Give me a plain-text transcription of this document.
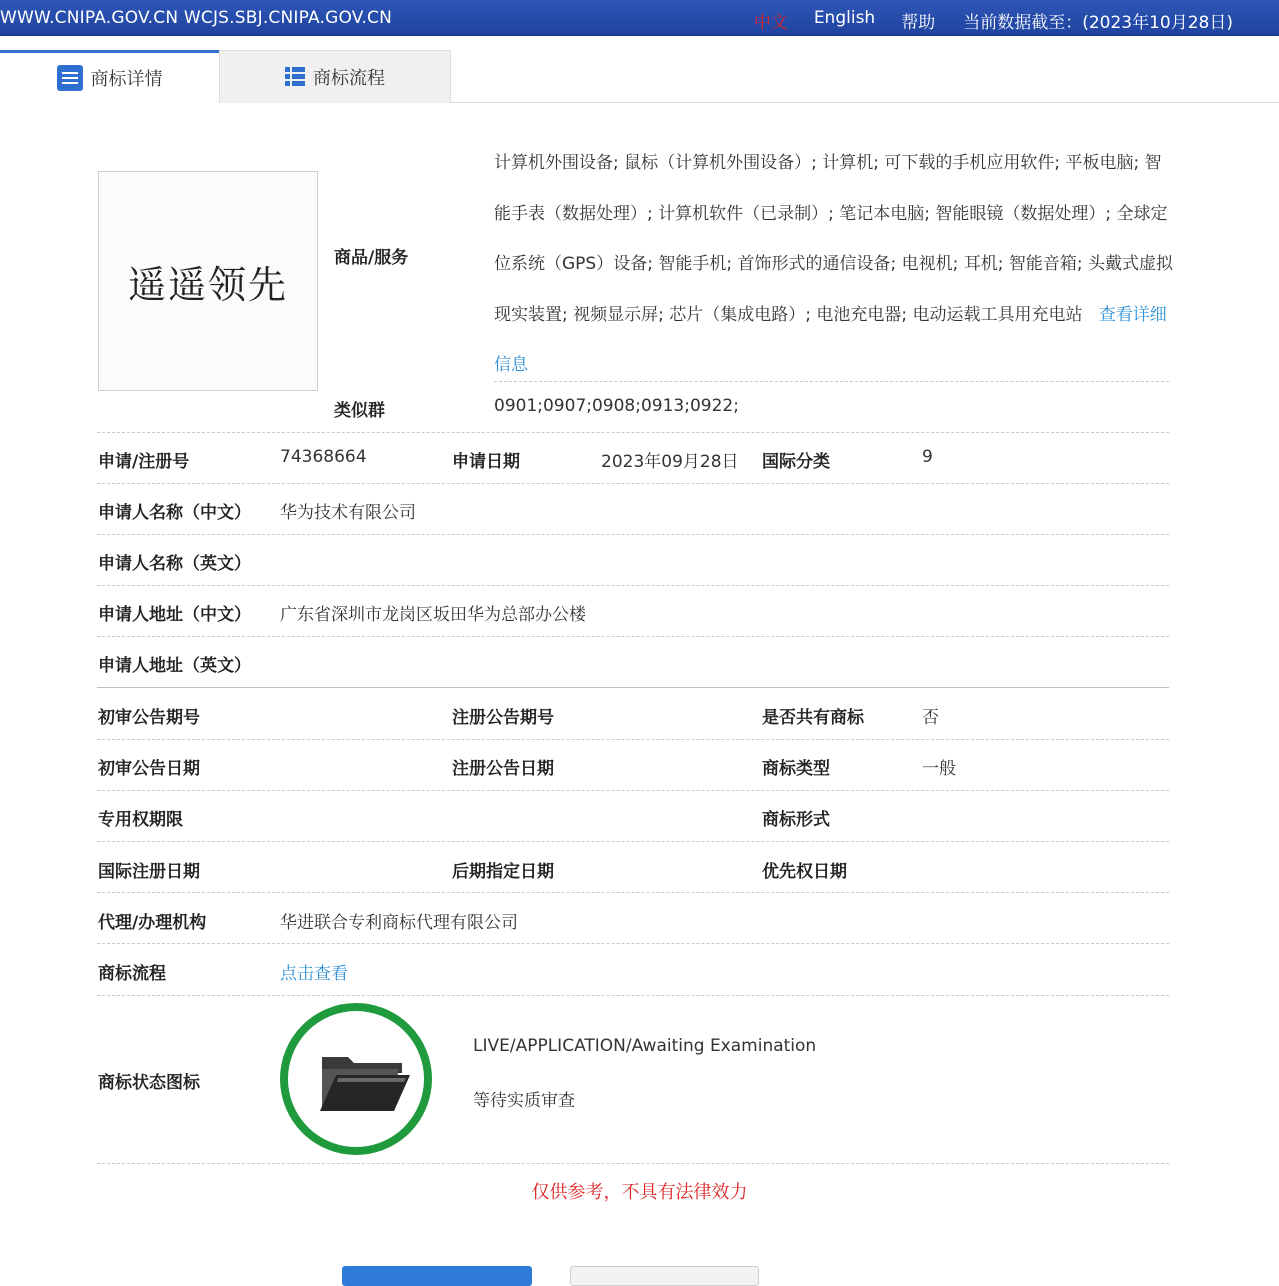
WWW.CNIPA.GOV.CN WCJS.SBJ.CNIPA.GOV.CN	中文 English 帮助 当前数据截至：(2023年10月28日)
商标详情	商标流程
遥遥领先
商品/服务
计算机外围设备; 鼠标（计算机外围设备）; 计算机; 可下载的手机应用软件; 平板电脑; 智能手表（数据处理）; 计算机软件（已录制）; 笔记本电脑; 智能眼镜（数据处理）; 全球定位系统（GPS）设备; 智能手机; 首饰形式的通信设备; 电视机; 耳机; 智能音箱; 头戴式虚拟现实装置; 视频显示屏; 芯片（集成电路）; 电池充电器; 电动运载工具用充电站 查看详细信息
类似群	0901;0907;0908;0913;0922;
申请/注册号	74368664	申请日期	2023年09月28日 国际分类	9
申请人名称（中文） 华为技术有限公司
申请人名称（英文）
申请人地址（中文） 广东省深圳市龙岗区坂田华为总部办公楼
申请人地址（英文）
初审公告期号	注册公告期号	是否共有商标	否
初审公告日期	注册公告日期	商标类型	一般
专用权期限	商标形式
国际注册日期	后期指定日期	优先权日期
代理/办理机构	华进联合专利商标代理有限公司
商标流程	点击查看
商标状态图标
LIVE/APPLICATION/Awaiting Examination
等待实质审查
仅供参考，不具有法律效力
